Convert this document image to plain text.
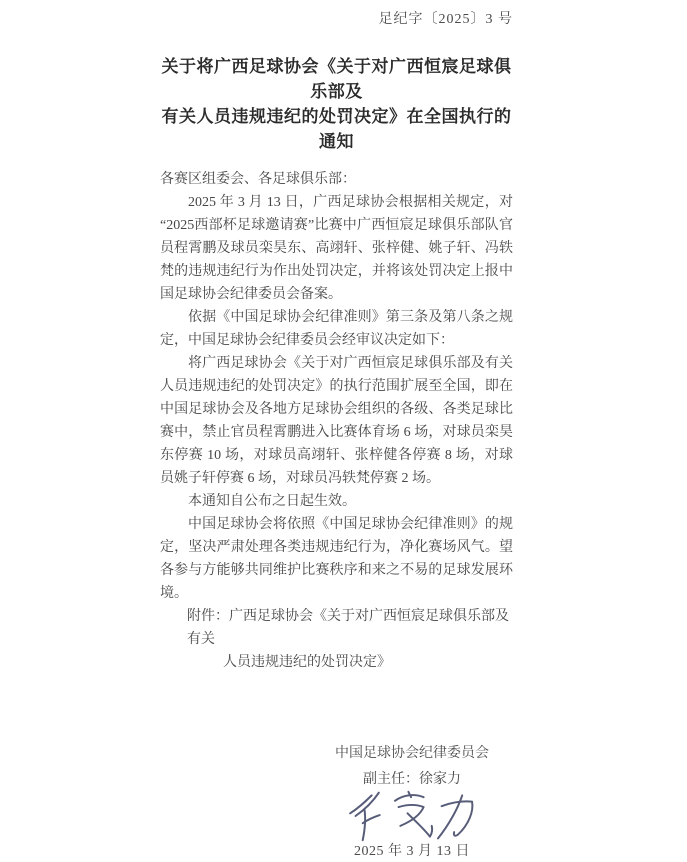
足纪字〔2025〕3 号
关于将广西足球协会《关于对广西恒宸足球俱乐部及
有关人员违规违纪的处罚决定》在全国执行的通知
各赛区组委会、各足球俱乐部：

2025 年 3 月 13 日，广西足球协会根据相关规定，对“2025西部杯足球邀请赛”比赛中广西恒宸足球俱乐部队官员程霄鹏及球员栾昊东、高翊轩、张梓健、姚子轩、冯轶梵的违规违纪行为作出处罚决定，并将该处罚决定上报中国足球协会纪律委员会备案。

依据《中国足球协会纪律准则》第三条及第八条之规定，中国足球协会纪律委员会经审议决定如下：

将广西足球协会《关于对广西恒宸足球俱乐部及有关人员违规违纪的处罚决定》的执行范围扩展至全国，即在中国足球协会及各地方足球协会组织的各级、各类足球比赛中，禁止官员程霄鹏进入比赛体育场 6 场，对球员栾昊东停赛 10 场，对球员高翊轩、张梓健各停赛 8 场，对球员姚子轩停赛 6 场，对球员冯轶梵停赛 2 场。

本通知自公布之日起生效。

中国足球协会将依照《中国足球协会纪律准则》的规定，坚决严肃处理各类违规违纪行为，净化赛场风气。望各参与方能够共同维护比赛秩序和来之不易的足球发展环境。

附件：广西足球协会《关于对广西恒宸足球俱乐部及有关
人员违规违纪的处罚决定》
中国足球协会纪律委员会
副主任：徐家力
2025 年 3 月 13 日
